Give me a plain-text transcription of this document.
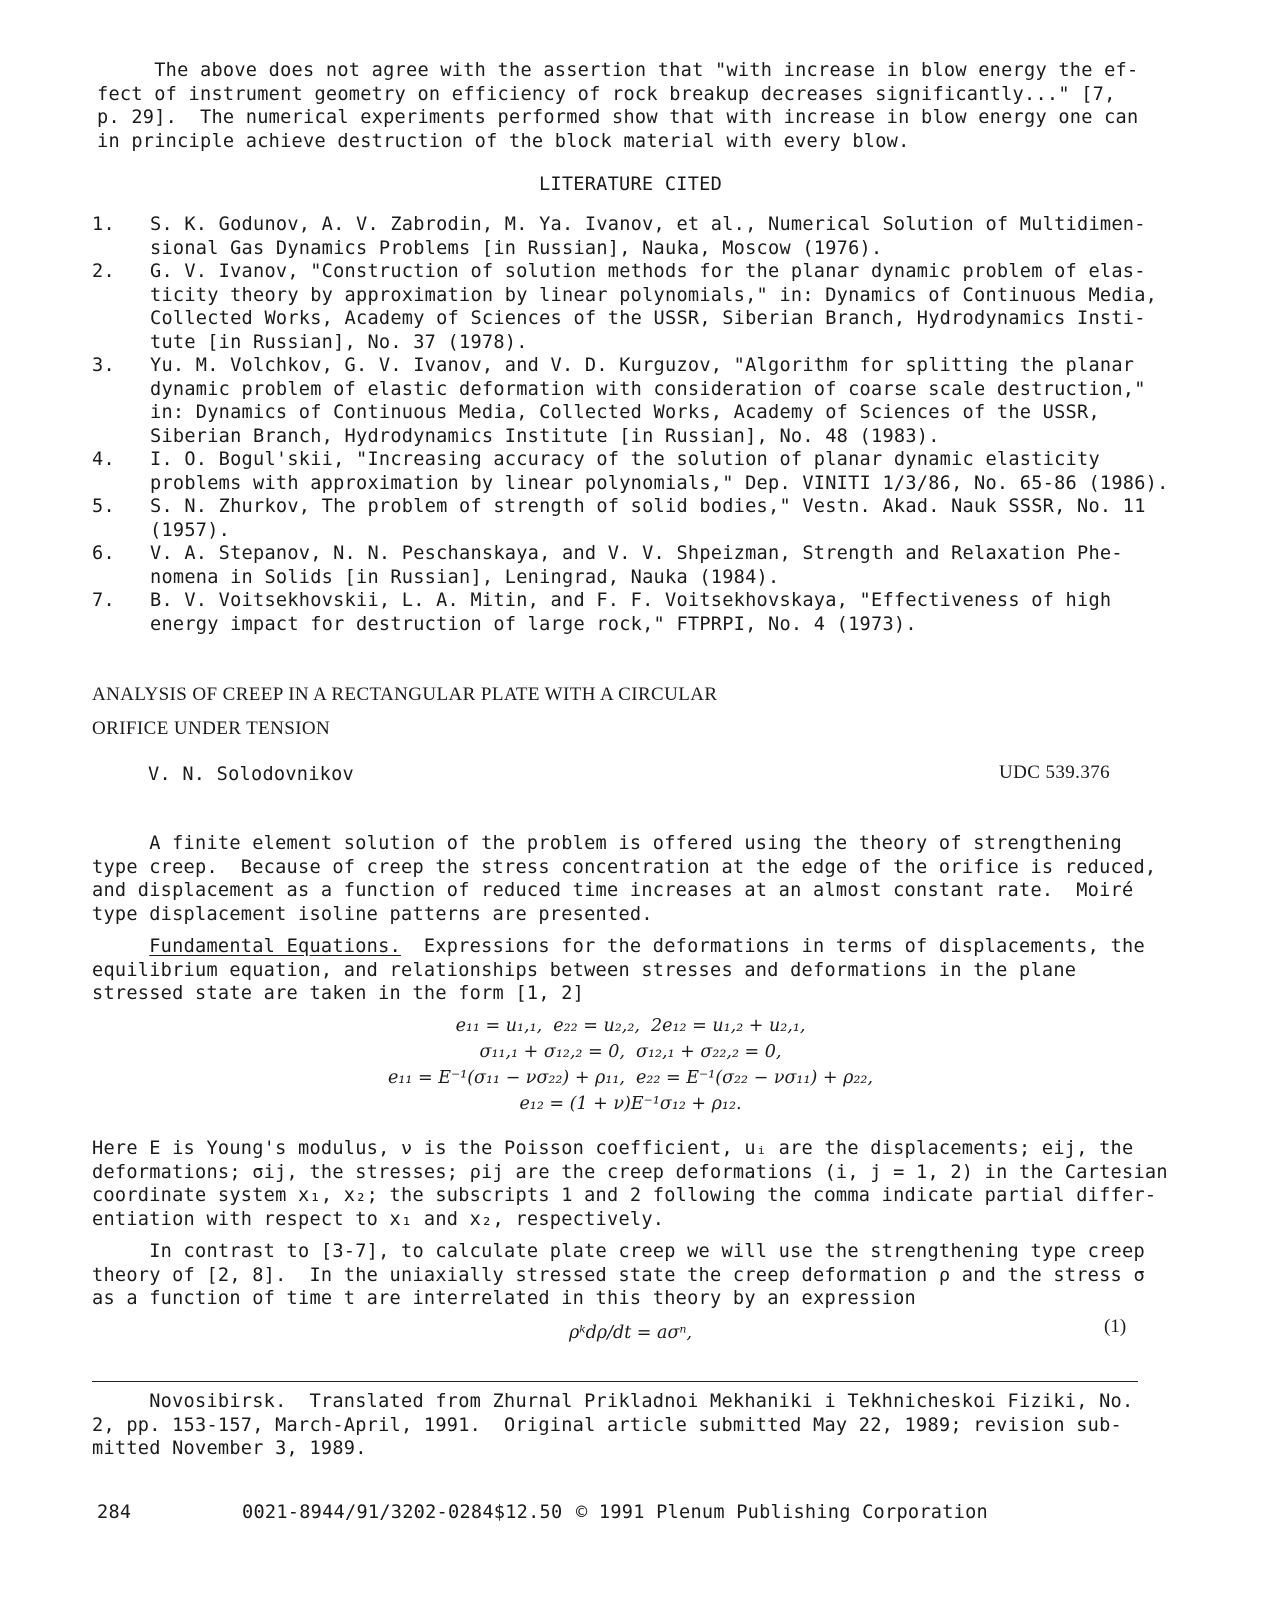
The above does not agree with the assertion that "with increase in blow energy the ef-
fect of instrument geometry on efficiency of rock breakup decreases significantly..." [7,
p. 29].  The numerical experiments performed show that with increase in blow energy one can
in principle achieve destruction of the block material with every blow.
LITERATURE CITED
1. S. K. Godunov, A. V. Zabrodin, M. Ya. Ivanov, et al., Numerical Solution of Multidimen-
sional Gas Dynamics Problems [in Russian], Nauka, Moscow (1976).
2. G. V. Ivanov, "Construction of solution methods for the planar dynamic problem of elas-
ticity theory by approximation by linear polynomials," in: Dynamics of Continuous Media,
Collected Works, Academy of Sciences of the USSR, Siberian Branch, Hydrodynamics Insti-
tute [in Russian], No. 37 (1978).
3. Yu. M. Volchkov, G. V. Ivanov, and V. D. Kurguzov, "Algorithm for splitting the planar
dynamic problem of elastic deformation with consideration of coarse scale destruction,"
in: Dynamics of Continuous Media, Collected Works, Academy of Sciences of the USSR,
Siberian Branch, Hydrodynamics Institute [in Russian], No. 48 (1983).
4. I. O. Bogul'skii, "Increasing accuracy of the solution of planar dynamic elasticity
problems with approximation by linear polynomials," Dep. VINITI 1/3/86, No. 65-86 (1986).
5. S. N. Zhurkov, The problem of strength of solid bodies," Vestn. Akad. Nauk SSSR, No. 11
(1957).
6. V. A. Stepanov, N. N. Peschanskaya, and V. V. Shpeizman, Strength and Relaxation Phe-
nomena in Solids [in Russian], Leningrad, Nauka (1984).
7. B. V. Voitsekhovskii, L. A. Mitin, and F. F. Voitsekhovskaya, "Effectiveness of high
energy impact for destruction of large rock," FTPRPI, No. 4 (1973).
ANALYSIS OF CREEP IN A RECTANGULAR PLATE WITH A CIRCULAR
ORIFICE UNDER TENSION
V. N. Solodovnikov	UDC 539.376
A finite element solution of the problem is offered using the theory of strengthening
type creep.  Because of creep the stress concentration at the edge of the orifice is reduced,
and displacement as a function of reduced time increases at an almost constant rate.  Moiré
type displacement isoline patterns are presented.
Fundamental Equations.  Expressions for the deformations in terms of displacements, the
equilibrium equation, and relationships between stresses and deformations in the plane
stressed state are taken in the form [1, 2]
e₁₁ = u₁,₁,  e₂₂ = u₂,₂,  2e₁₂ = u₁,₂ + u₂,₁,
σ₁₁,₁ + σ₁₂,₂ = 0,  σ₁₂,₁ + σ₂₂,₂ = 0,
e₁₁ = E⁻¹(σ₁₁ − νσ₂₂) + ρ₁₁,  e₂₂ = E⁻¹(σ₂₂ − νσ₁₁) + ρ₂₂,
e₁₂ = (1 + ν)E⁻¹σ₁₂ + ρ₁₂.
Here E is Young's modulus, ν is the Poisson coefficient, uᵢ are the displacements; eij, the
deformations; σij, the stresses; ρij are the creep deformations (i, j = 1, 2) in the Cartesian
coordinate system x₁, x₂; the subscripts 1 and 2 following the comma indicate partial differ-
entiation with respect to x₁ and x₂, respectively.
In contrast to [3-7], to calculate plate creep we will use the strengthening type creep
theory of [2, 8].  In the uniaxially stressed state the creep deformation ρ and the stress σ
as a function of time t are interrelated in this theory by an expression
ρᵏdρ/dt = aσⁿ,	(1)
Novosibirsk.  Translated from Zhurnal Prikladnoi Mekhaniki i Tekhnicheskoi Fiziki, No.
2, pp. 153-157, March-April, 1991.  Original article submitted May 22, 1989; revision sub-
mitted November 3, 1989.
284	0021-8944/91/3202-0284$12.50 © 1991 Plenum Publishing Corporation
